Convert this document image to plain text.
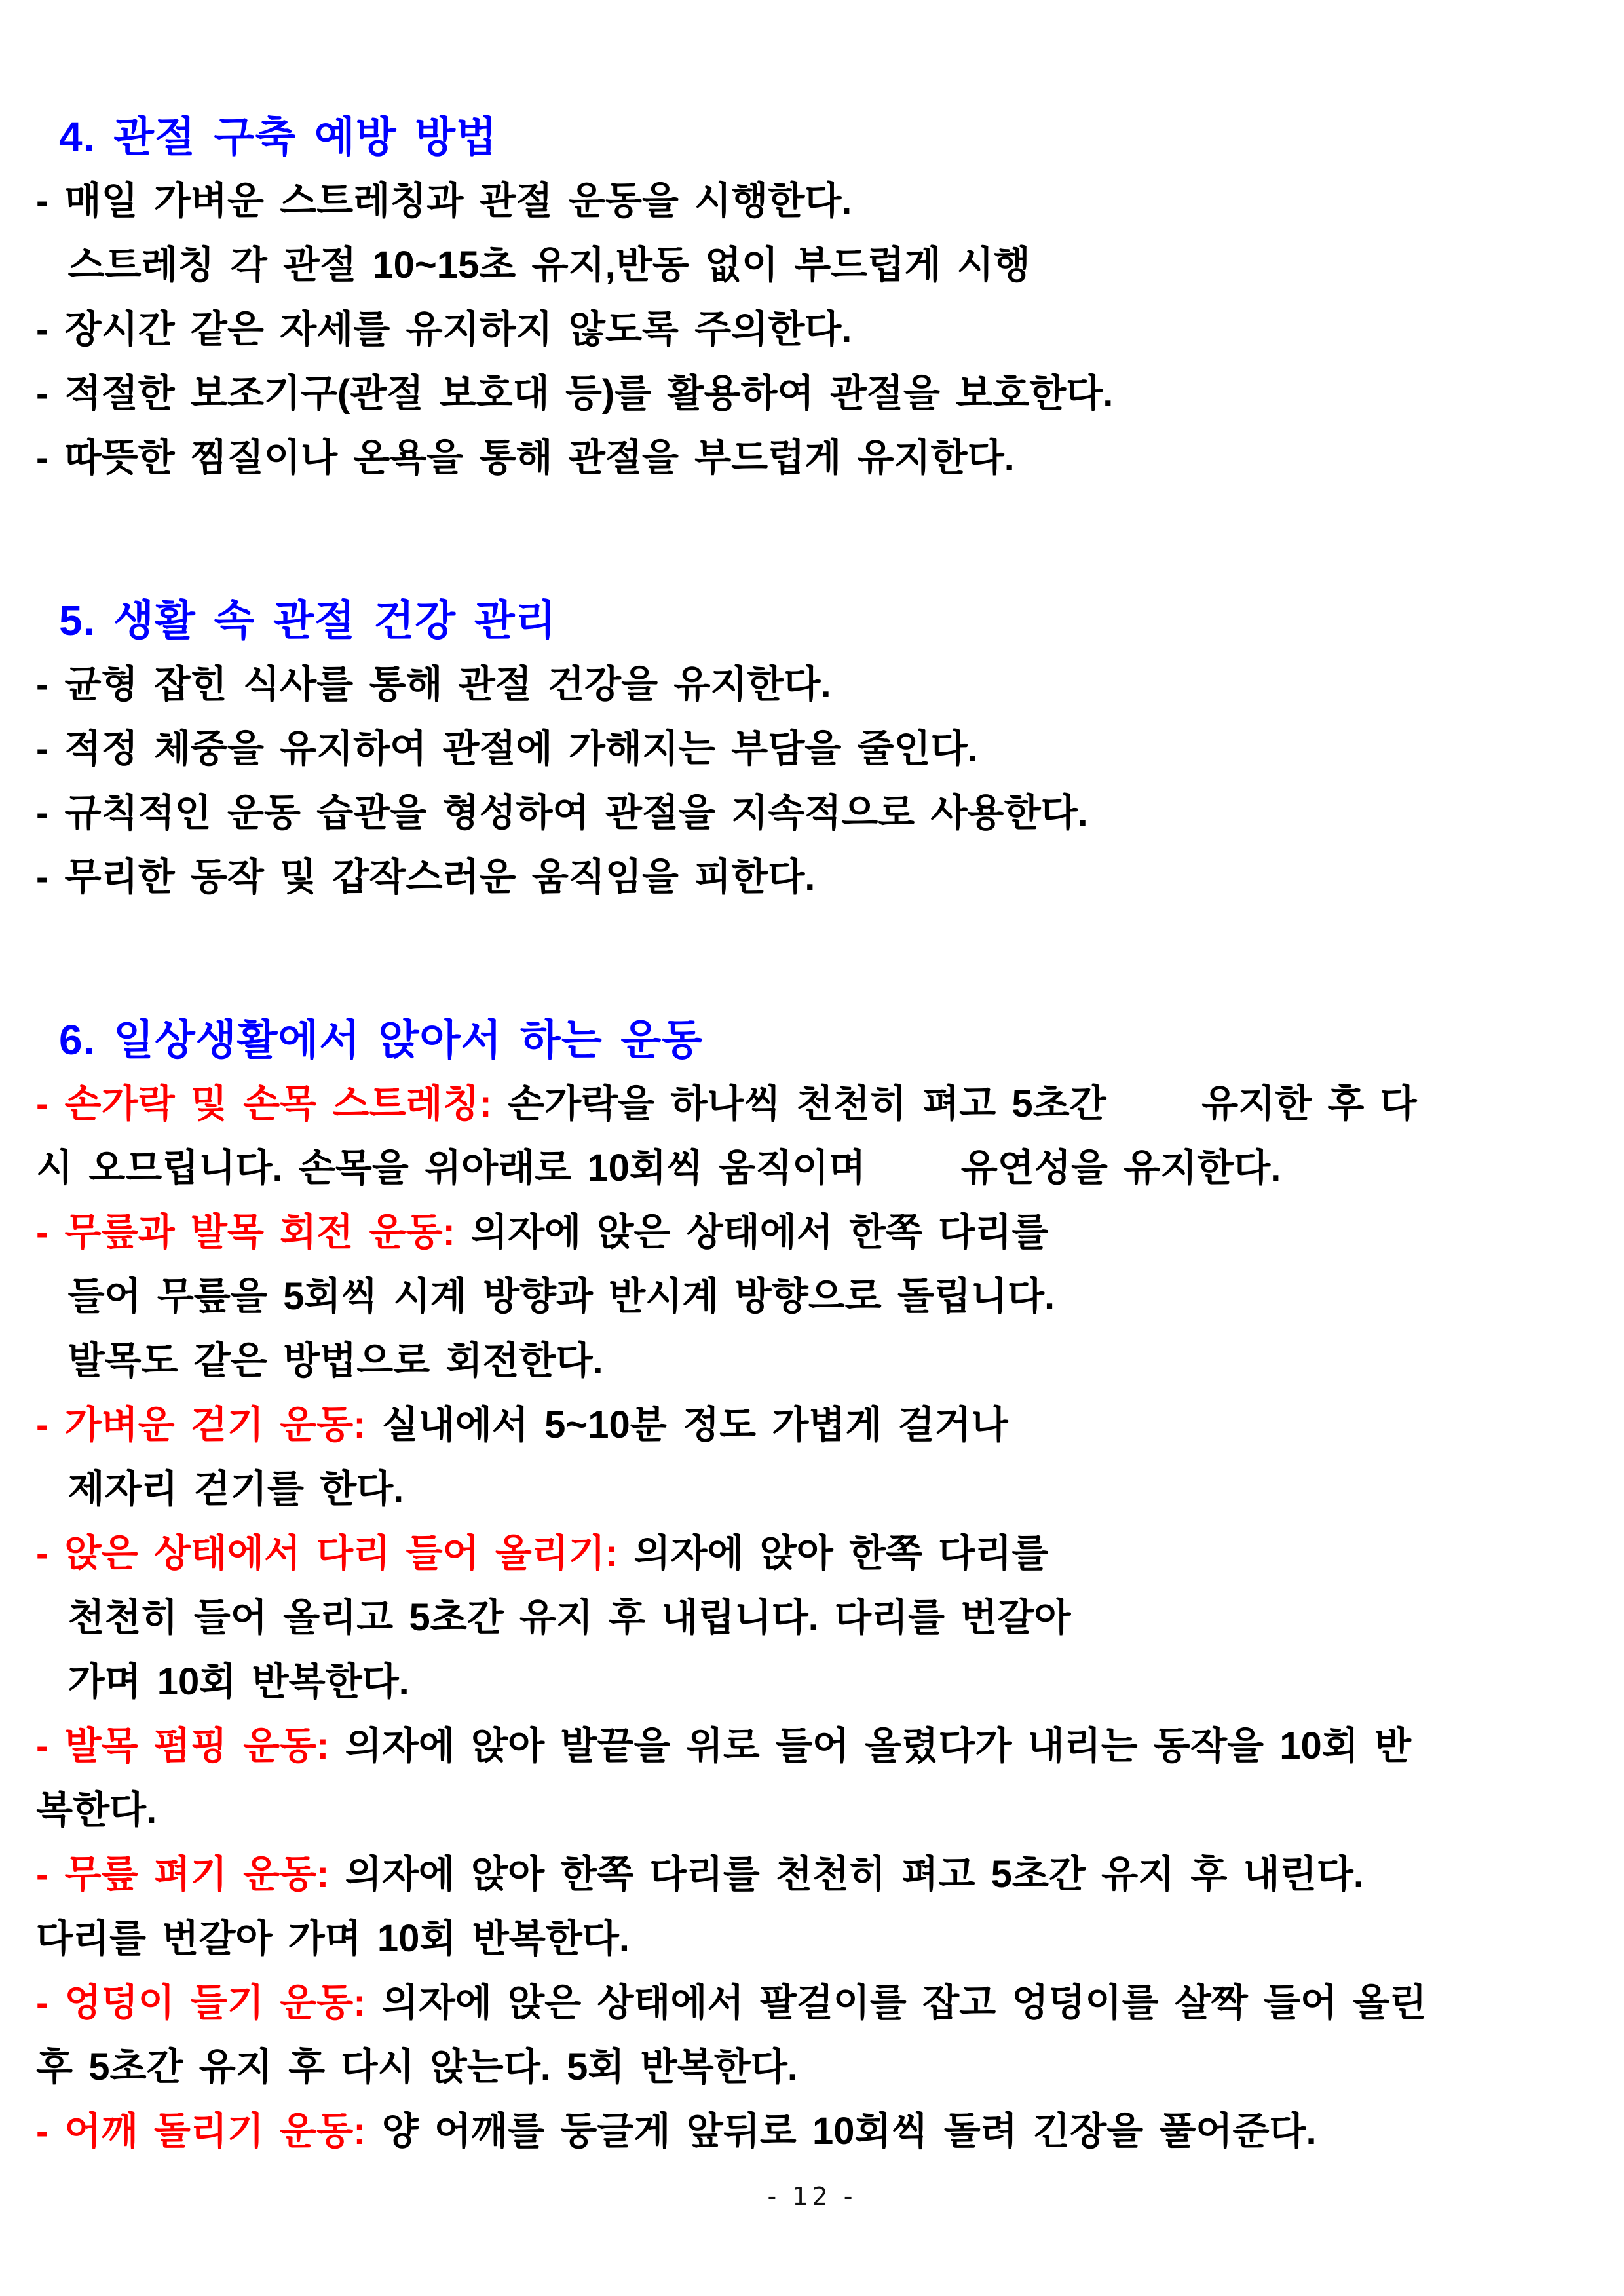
4. 관절 구축 예방 방법
- 매일 가벼운 스트레칭과 관절 운동을 시행한다.
스트레칭 각 관절 10~15초 유지,반동 없이 부드럽게 시행
- 장시간 같은 자세를 유지하지 않도록 주의한다.
- 적절한 보조기구(관절 보호대 등)를 활용하여 관절을 보호한다.
- 따뜻한 찜질이나 온욕을 통해 관절을 부드럽게 유지한다.
5. 생활 속 관절 건강 관리
- 균형 잡힌 식사를 통해 관절 건강을 유지한다.
- 적정 체중을 유지하여 관절에 가해지는 부담을 줄인다.
- 규칙적인 운동 습관을 형성하여 관절을 지속적으로 사용한다.
- 무리한 동작 및 갑작스러운 움직임을 피한다.
6. 일상생활에서 앉아서 하는 운동
- 손가락 및 손목 스트레칭: 손가락을 하나씩 천천히 펴고 5초간      유지한 후 다
시 오므립니다. 손목을 위아래로 10회씩 움직이며      유연성을 유지한다.
- 무릎과 발목 회전 운동: 의자에 앉은 상태에서 한쪽 다리를
들어 무릎을 5회씩 시계 방향과 반시계 방향으로 돌립니다.
발목도 같은 방법으로 회전한다.
- 가벼운 걷기 운동: 실내에서 5~10분 정도 가볍게 걸거나
제자리 걷기를 한다.
- 앉은 상태에서 다리 들어 올리기: 의자에 앉아 한쪽 다리를
천천히 들어 올리고 5초간 유지 후 내립니다. 다리를 번갈아
가며 10회 반복한다.
- 발목 펌핑 운동: 의자에 앉아 발끝을 위로 들어 올렸다가 내리는 동작을 10회 반
복한다.
- 무릎 펴기 운동: 의자에 앉아 한쪽 다리를 천천히 펴고 5초간 유지 후 내린다.
다리를 번갈아 가며 10회 반복한다.
- 엉덩이 들기 운동: 의자에 앉은 상태에서 팔걸이를 잡고 엉덩이를 살짝 들어 올린
후 5초간 유지 후 다시 앉는다. 5회 반복한다.
- 어깨 돌리기 운동: 양 어깨를 둥글게 앞뒤로 10회씩 돌려 긴장을 풀어준다.
- 12 -
